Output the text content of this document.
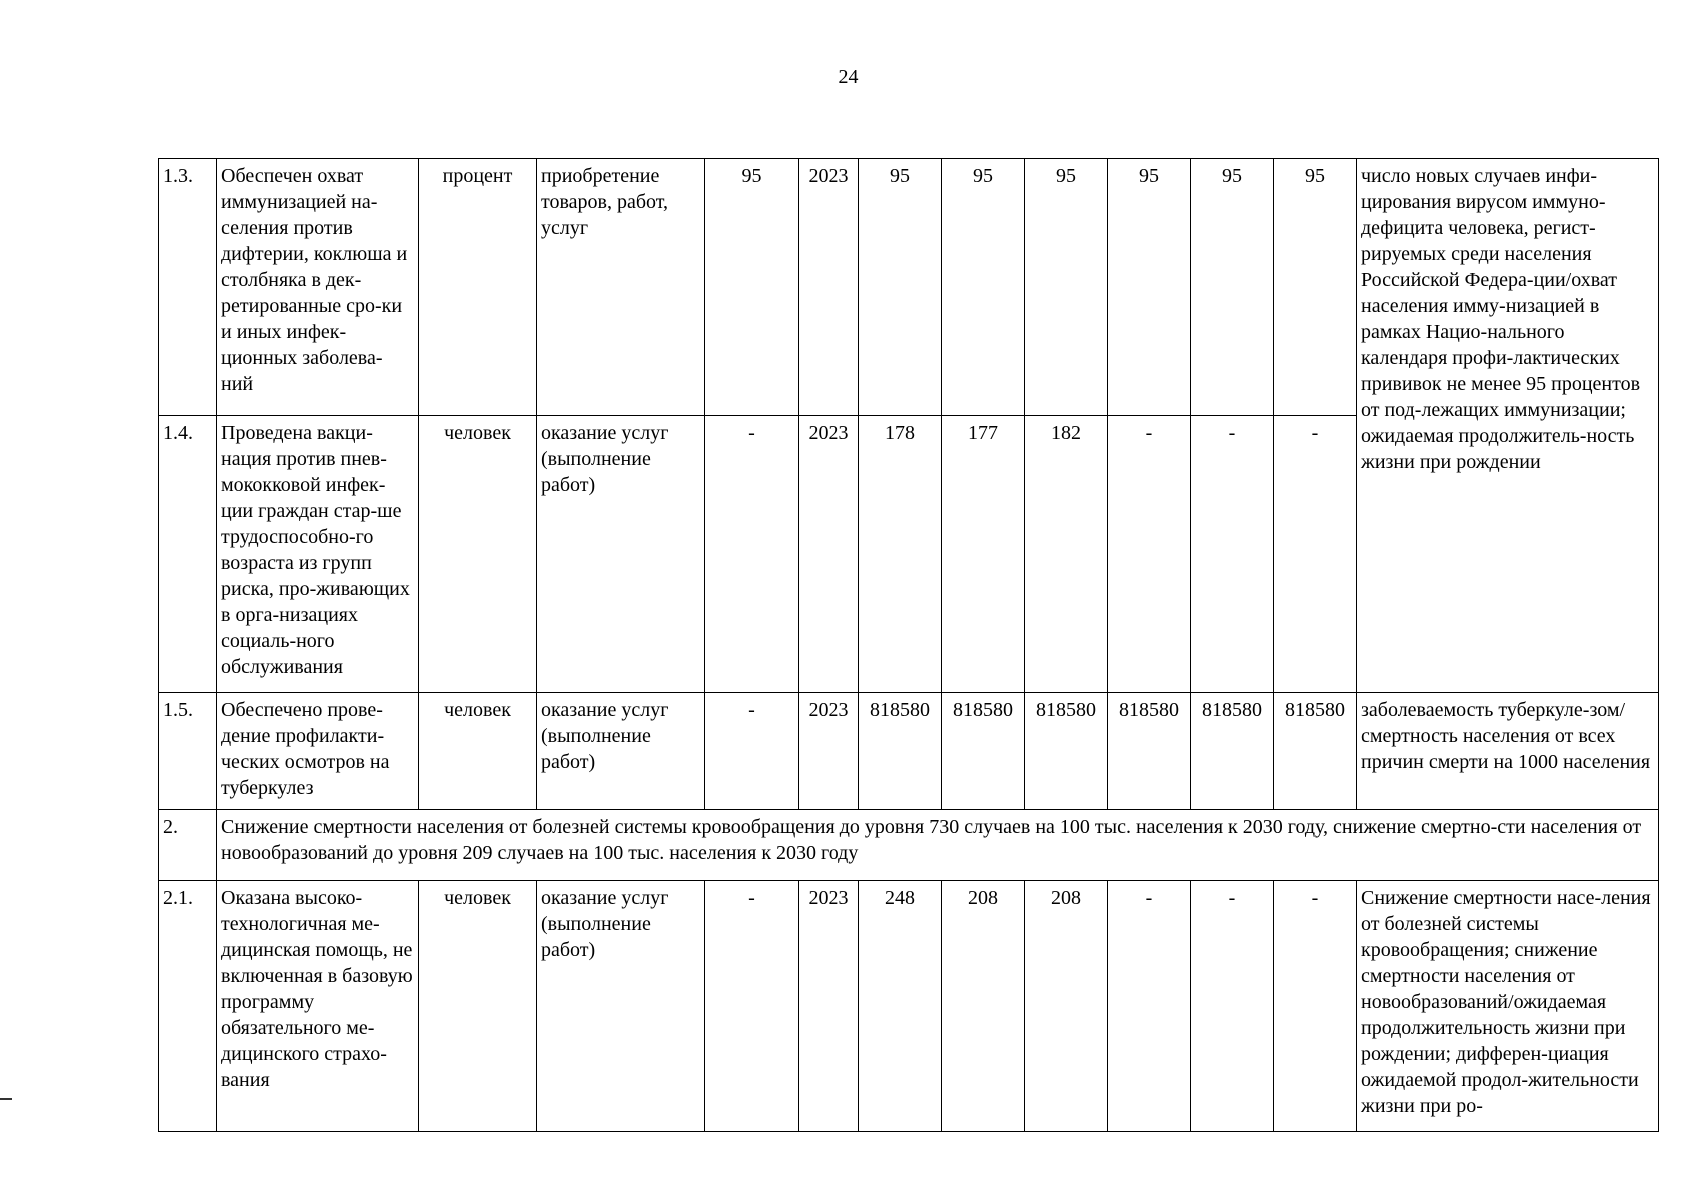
24
1.3.	Обеспечен охват иммунизацией на-селения против дифтерии, коклюша и столбняка в дек-ретированные сро-ки и иных инфек-ционных заболева-ний	процент	приобретение товаров, работ, услуг	95	2023	95	95	95	95	95	95	число новых случаев инфи-цирования вирусом иммуно-дефицита человека, регист-рируемых среди населения Российской Федера-ции/охват населения имму-низацией в рамках Нацио-нального календаря профи-лактических прививок не менее 95 процентов от под-лежащих иммунизации; ожидаемая продолжитель-ность жизни при рождении
1.4.	Проведена вакци-нация против пнев-мококковой инфек-ции граждан стар-ше трудоспособно-го возраста из групп риска, про-живающих в орга-низациях социаль-ного обслуживания	человек	оказание услуг (выполнение работ)	-	2023	178	177	182	-	-	-	
1.5.	Обеспечено прове-дение профилакти-ческих осмотров на туберкулез	человек	оказание услуг (выполнение работ)	-	2023	818580	818580	818580	818580	818580	818580	заболеваемость туберкуле-зом/смертность населения от всех причин смерти на 1000 населения
2.	Снижение смертности населения от болезней системы кровообращения до уровня 730 случаев на 100 тыс. населения к 2030 году, снижение смертно-сти населения от новообразований до уровня 209 случаев на 100 тыс. населения к 2030 году											
2.1.	Оказана высоко-технологичная ме-дицинская помощь, не включенная в базовую программу обязательного ме-дицинского страхо-вания	человек	оказание услуг (выполнение работ)	‐	2023	248	208	208	-	-	-	Снижение смертности насе-ления от болезней системы кровообращения; снижение смертности населения от новообразований/ожидаемая продолжительность жизни при рождении; дифферен-циация ожидаемой продол-жительности жизни при ро-
